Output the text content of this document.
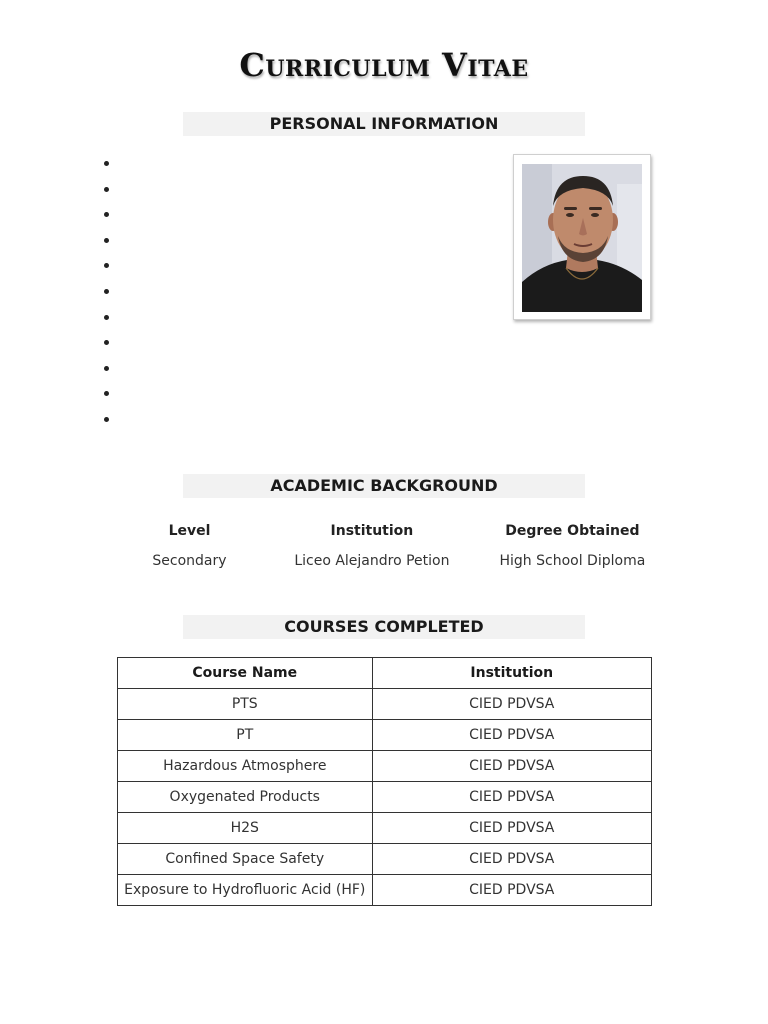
Curriculum Vitae
PERSONAL INFORMATION
ACADEMIC BACKGROUND
Level	Institution	Degree Obtained
Secondary	Liceo Alejandro Petion	High School Diploma
COURSES COMPLETED
Course Name	Institution
PTS	CIED PDVSA
PT	CIED PDVSA
Hazardous Atmosphere	CIED PDVSA
Oxygenated Products	CIED PDVSA
H2S	CIED PDVSA
Confined Space Safety	CIED PDVSA
Exposure to Hydrofluoric Acid (HF)	CIED PDVSA
